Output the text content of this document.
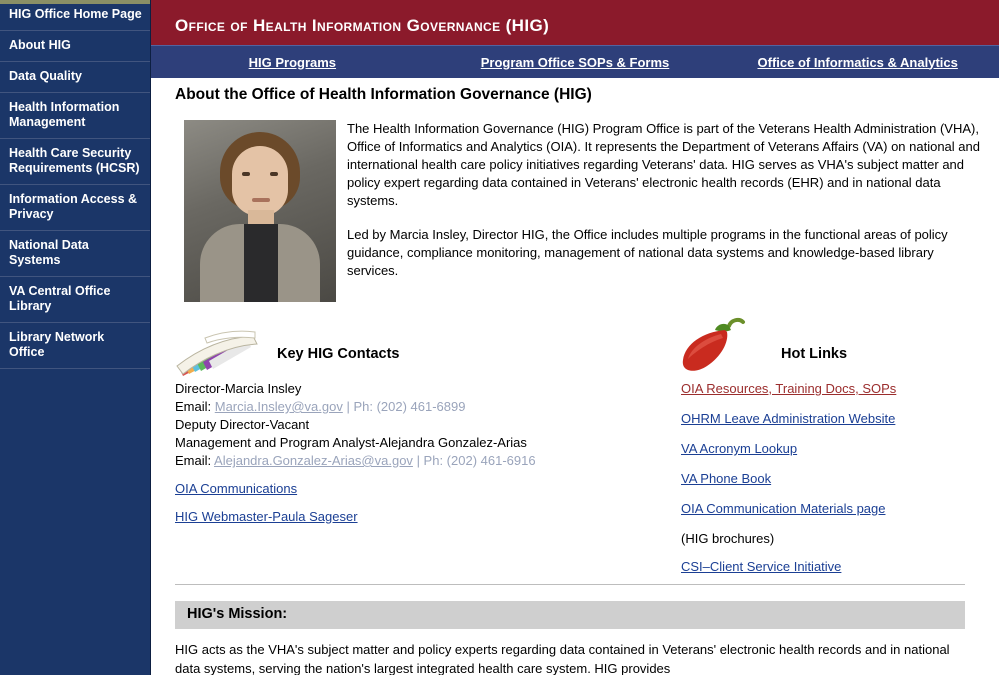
HIG Office Home Page
About HIG
Data Quality
Health Information Management
Health Care Security Requirements (HCSR)
Information Access & Privacy
National Data Systems
VA Central Office Library
Library Network Office
Office of Health Information Governance (HIG)
HIG Programs	Program Office SOPs & Forms	Office of Informatics & Analytics
About the Office of Health Information Governance (HIG)

The Health Information Governance (HIG) Program Office is part of the Veterans Health Administration (VHA), Office of Informatics and Analytics (OIA). It represents the Department of Veterans Affairs (VA) on national and international health care policy initiatives regarding Veterans' data. HIG serves as VHA's subject matter and policy expert regarding data contained in Veterans' electronic health records (EHR) and in national data systems.

Led by Marcia Insley, Director HIG, the Office includes multiple programs in the functional areas of policy guidance, compliance monitoring, management of national data systems and knowledge-based library services.

Key HIG Contacts
Director-Marcia Insley
Email: Marcia.Insley@va.gov | Ph: (202) 461-6899
Deputy Director-Vacant
Management and Program Analyst-Alejandra Gonzalez-Arias
Email: Alejandra.Gonzalez-Arias@va.gov | Ph: (202) 461-6916
OIA Communications
HIG Webmaster-Paula Sageser
Hot Links
OIA Resources, Training Docs, SOPs
OHRM Leave Administration Website
VA Acronym Lookup
VA Phone Book
OIA Communication Materials page
(HIG brochures)
CSI–Client Service Initiative
HIG's Mission:
HIG acts as the VHA's subject matter and policy experts regarding data contained in Veterans' electronic health records and in national data systems, serving the nation's largest integrated health care system. HIG provides
